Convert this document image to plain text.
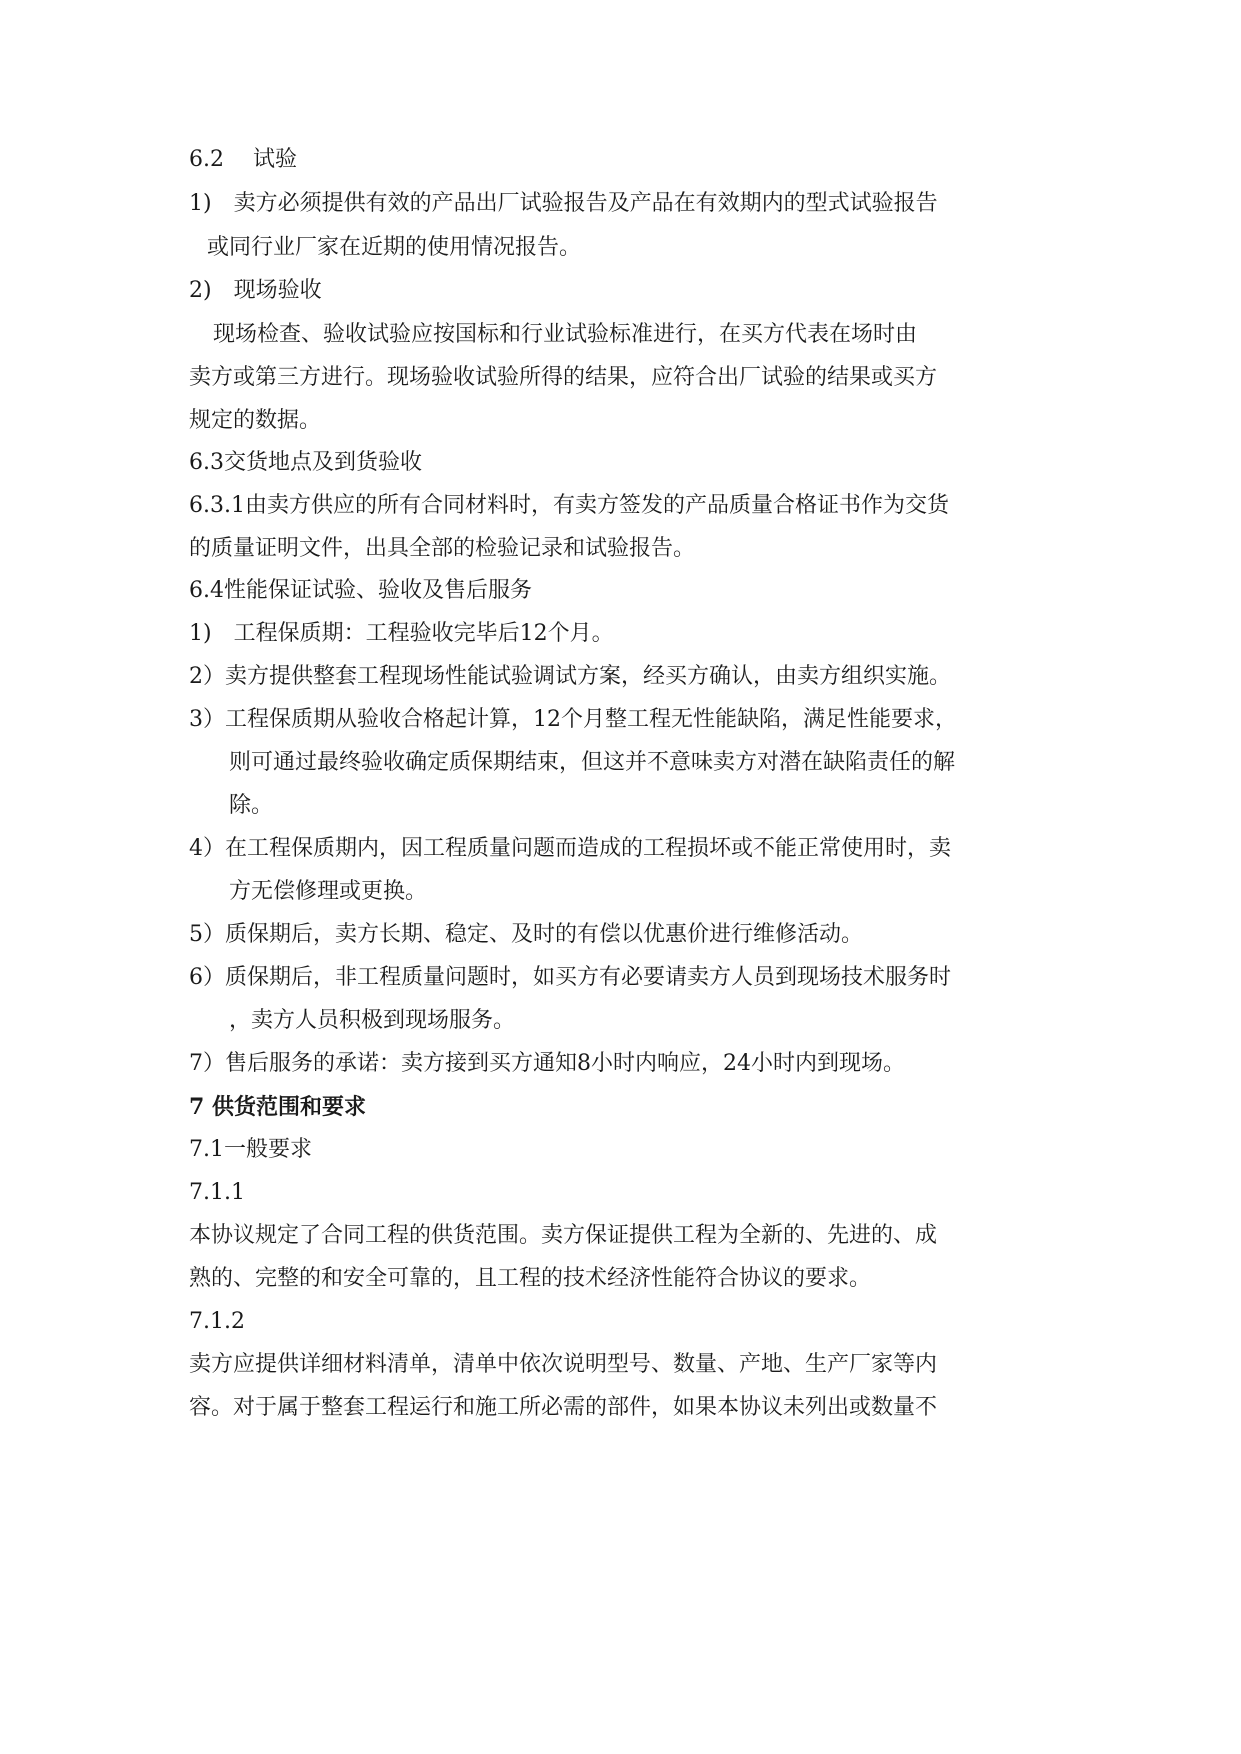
6.2　 试验
1)　卖方必须提供有效的产品出厂试验报告及产品在有效期内的型式试验报告
或同行业厂家在近期的使用情况报告。
2)　现场验收
现场检查、验收试验应按国标和行业试验标准进行，在买方代表在场时由
卖方或第三方进行。现场验收试验所得的结果，应符合出厂试验的结果或买方
规定的数据。
6.3交货地点及到货验收
6.3.1由卖方供应的所有合同材料时，有卖方签发的产品质量合格证书作为交货
的质量证明文件，出具全部的检验记录和试验报告。
6.4性能保证试验、验收及售后服务
1)　工程保质期：工程验收完毕后12个月。
2）卖方提供整套工程现场性能试验调试方案，经买方确认，由卖方组织实施。
3）工程保质期从验收合格起计算，12个月整工程无性能缺陷，满足性能要求，
则可通过最终验收确定质保期结束，但这并不意味卖方对潜在缺陷责任的解
除。
4）在工程保质期内，因工程质量问题而造成的工程损坏或不能正常使用时，卖
方无偿修理或更换。
5）质保期后，卖方长期、稳定、及时的有偿以优惠价进行维修活动。
6）质保期后，非工程质量问题时，如买方有必要请卖方人员到现场技术服务时
，卖方人员积极到现场服务。
7）售后服务的承诺：卖方接到买方通知8小时内响应，24小时内到现场。
7 供货范围和要求
7.1一般要求
7.1.1
本协议规定了合同工程的供货范围。卖方保证提供工程为全新的、先进的、成
熟的、完整的和安全可靠的，且工程的技术经济性能符合协议的要求。
7.1.2
卖方应提供详细材料清单，清单中依次说明型号、数量、产地、生产厂家等内
容。对于属于整套工程运行和施工所必需的部件，如果本协议未列出或数量不
